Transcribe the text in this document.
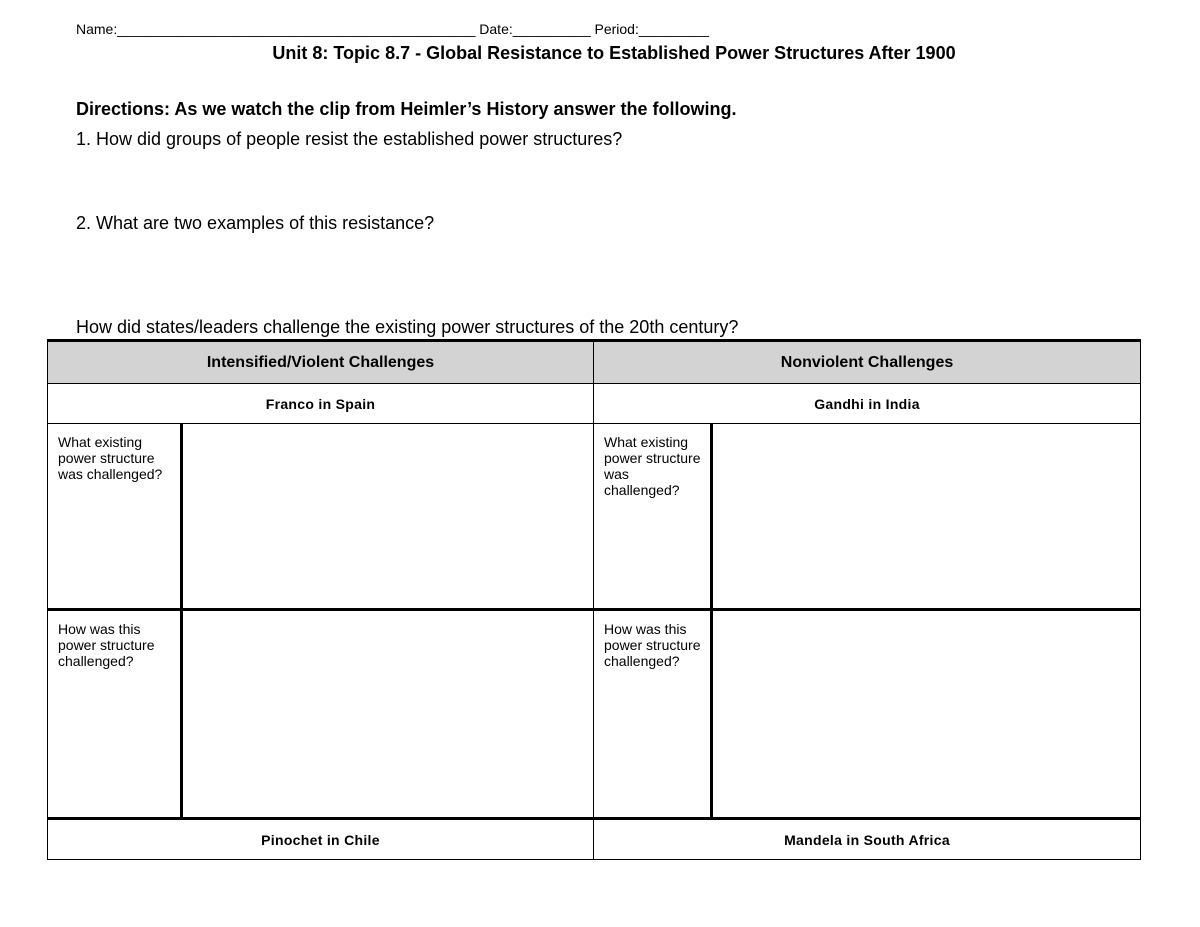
Name:______________________________________________ Date:__________ Period:_________
Unit 8: Topic 8.7 - Global Resistance to Established Power Structures After 1900
Directions: As we watch the clip from Heimler’s History answer the following.
1. How did groups of people resist the established power structures?
2. What are two examples of this resistance?
How did states/leaders challenge the existing power structures of the 20th century?
Intensified/Violent Challenges		Nonviolent Challenges	
Franco in Spain		Gandhi in India	
What existing power structure was challenged?		What existing power structure was challenged?	
How was this power structure challenged?		How was this power structure challenged?	
Pinochet in Chile		Mandela in South Africa	
